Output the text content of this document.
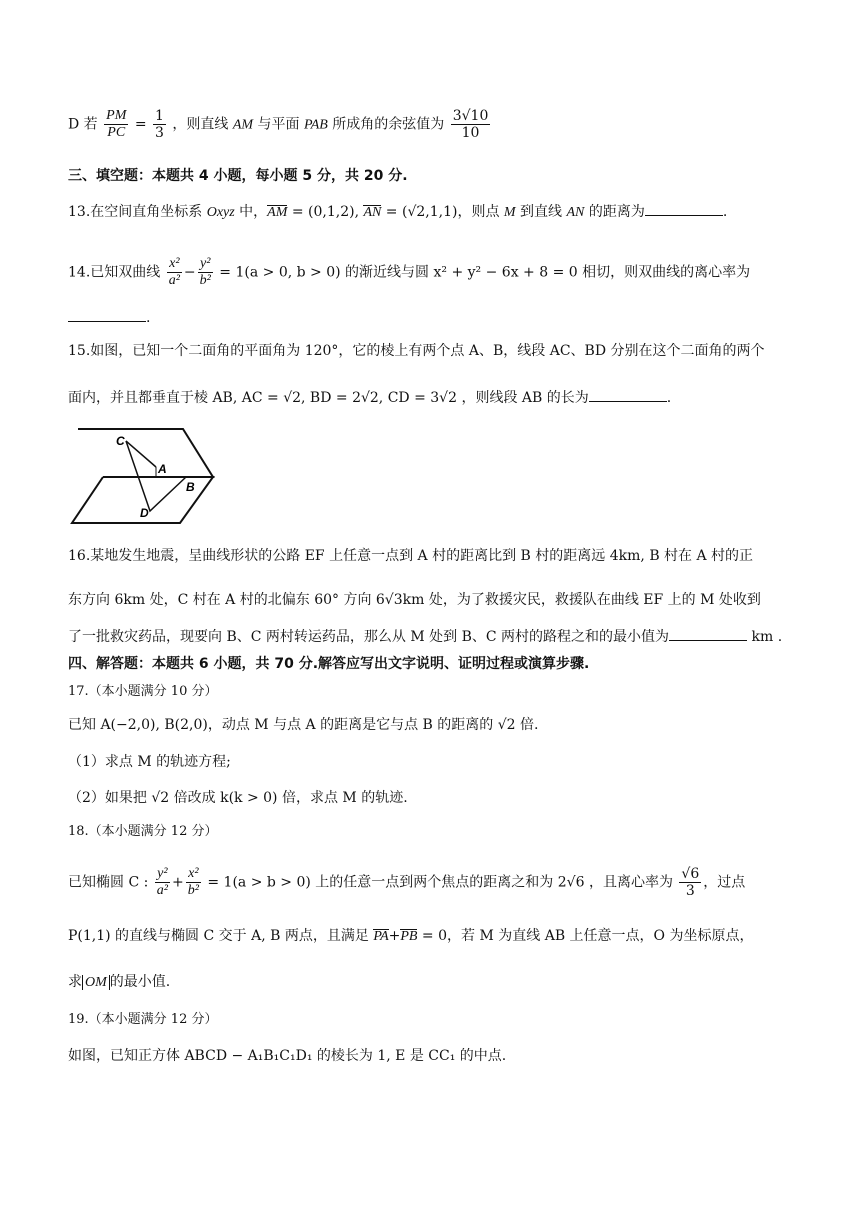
D 若 $\frac{PM}{PC} = \frac{1}{3}$ ，则直线 AM 与平面 PAB 所成角的余弦值为 $\frac{3√10}{10}$
三、填空题：本题共 4 小题，每小题 5 分，共 20 分.
13.在空间直角坐标系 Oxyz 中，AM = (0,1,2), AN = (√2,1,1)，则点 M 到直线 AN 的距离为	.
14.已知双曲线 $\frac{\text{x²}}{\text{a²}} - \frac{\text{y²}}{\text{b²}} = 1(a > 0$, b > 0) 的渐近线与圆 x² + y² − 6x + 8 = 0 相切，则双曲线的离心率为
.
15.如图，已知一个二面角的平面角为 120°，它的棱上有两个点 A、B，线段 AC、BD 分别在这个二面角的两个
面内，并且都垂直于棱 AB, AC = √2, BD = 2√2, CD = 3√2 ，则线段 AB 的长为	.
C
A
B
D
16.某地发生地震，呈曲线形状的公路 EF 上任意一点到 A 村的距离比到 B 村的距离远 4km, B 村在 A 村的正
东方向 6km 处，C 村在 A 村的北偏东 60° 方向 6√3km 处，为了救援灾民，救援队在曲线 EF 上的 M 处收到
了一批救灾药品，现要向 B、C 两村转运药品，那么从 M 处到 B、C 两村的路程之和的最小值为	km .
四、解答题：本题共 6 小题，共 70 分.解答应写出文字说明、证明过程或演算步骤.
17.（本小题满分 10 分）
已知 A(−2,0), B(2,0)，动点 M 与点 A 的距离是它与点 B 的距离的 √2 倍.
（1）求点 M 的轨迹方程;
（2）如果把 √2 倍改成 k(k > 0) 倍，求点 M 的轨迹.
18.（本小题满分 12 分）
已知椭圆 C : $\frac{\text{y²}}{\text{a²}} + \frac{\text{x²}}{\text{b²}} = 1(a > b > 0)$ 上的任意一点到两个焦点的距离之和为 2√6 ，且离心率为 $\frac{√6}{3}$ ，过点
P(1,1) 的直线与椭圆 C 交于 A, B 两点，且满足 PA+PB = 0，若 M 为直线 AB 上任意一点，O 为坐标原点，
求 OM 的最小值.
19.（本小题满分 12 分）
如图，已知正方体 ABCD − A₁B₁C₁D₁ 的棱长为 1, E 是 CC₁ 的中点.
